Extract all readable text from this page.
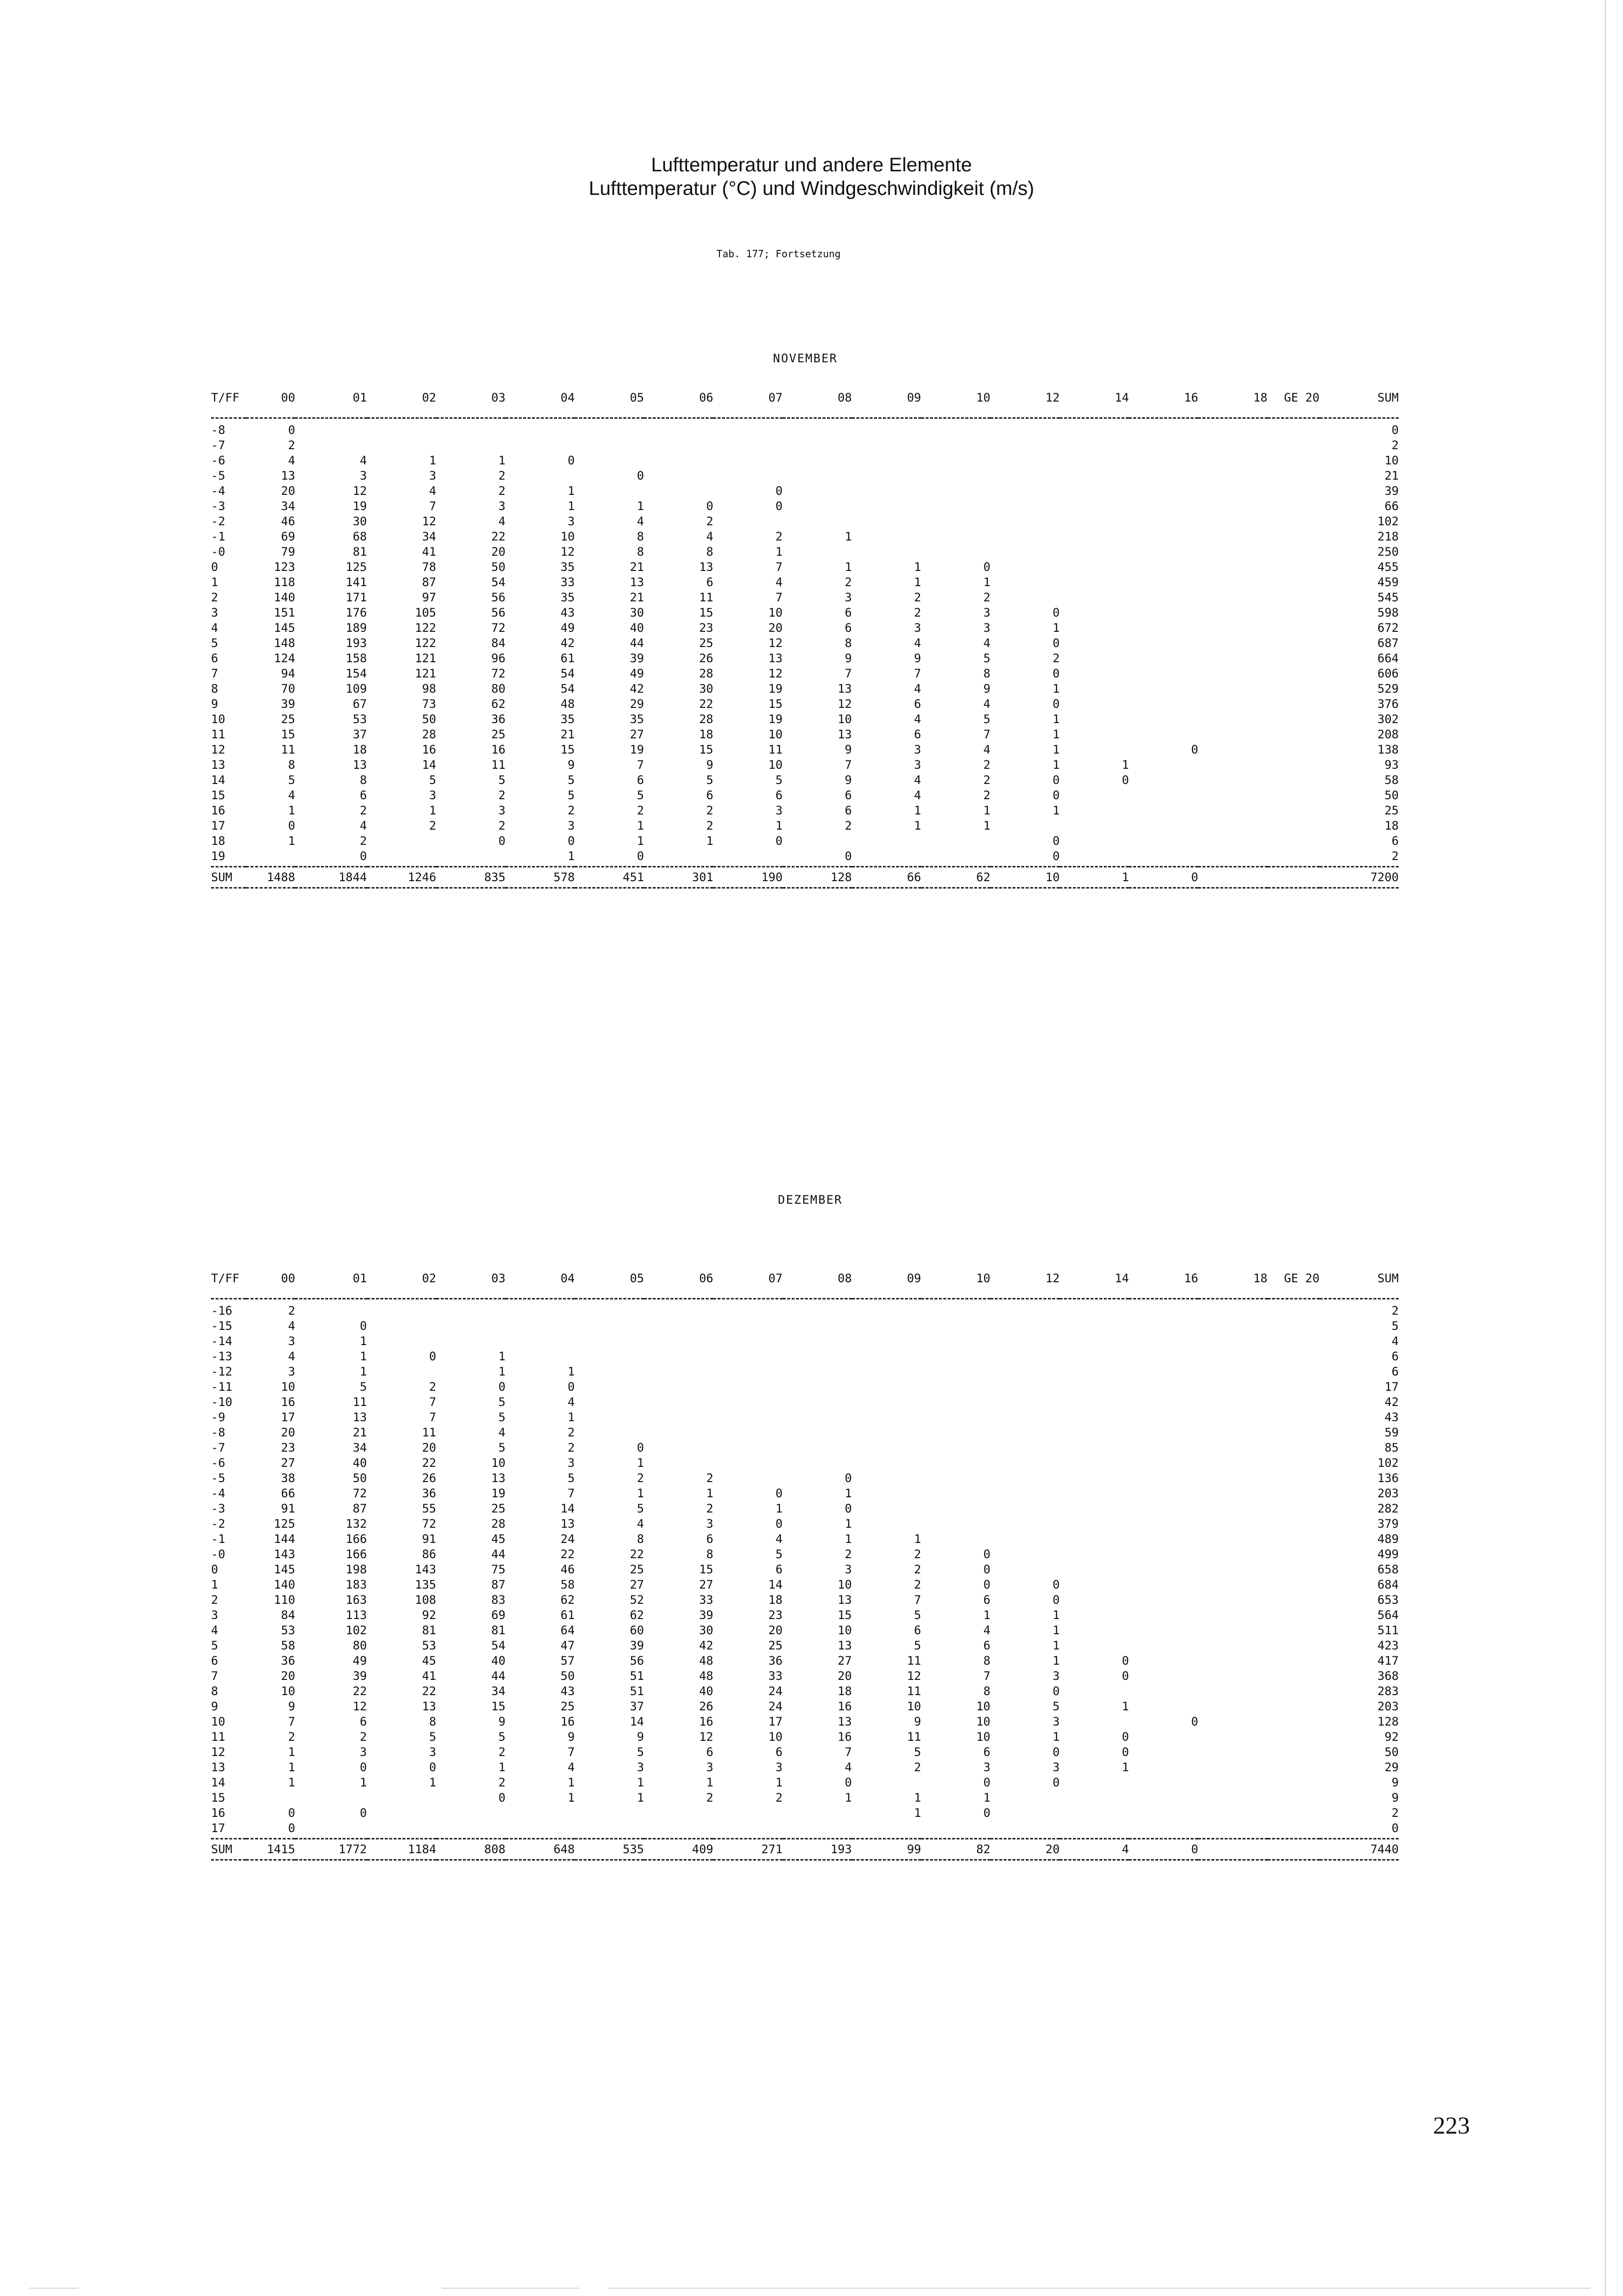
Lufttemperatur und andere Elemente
Lufttemperatur (°C) und Windgeschwindigkeit (m/s)
Tab. 177; Fortsetzung
NOVEMBER
T/FF	00	01	02	03	04	05	06	07	08	09	10	12	14	16	18	GE 20	SUM
-8	0																0
-7	2																2
-6	4	4	1	1	0												10
-5	13	3	3	2		0											21
-4	20	12	4	2	1			0									39
-3	34	19	7	3	1	1	0	0									66
-2	46	30	12	4	3	4	2										102
-1	69	68	34	22	10	8	4	2	1								218
-0	79	81	41	20	12	8	8	1									250
0	123	125	78	50	35	21	13	7	1	1	0						455
1	118	141	87	54	33	13	6	4	2	1	1						459
2	140	171	97	56	35	21	11	7	3	2	2						545
3	151	176	105	56	43	30	15	10	6	2	3	0					598
4	145	189	122	72	49	40	23	20	6	3	3	1					672
5	148	193	122	84	42	44	25	12	8	4	4	0					687
6	124	158	121	96	61	39	26	13	9	9	5	2					664
7	94	154	121	72	54	49	28	12	7	7	8	0					606
8	70	109	98	80	54	42	30	19	13	4	9	1					529
9	39	67	73	62	48	29	22	15	12	6	4	0					376
10	25	53	50	36	35	35	28	19	10	4	5	1					302
11	15	37	28	25	21	27	18	10	13	6	7	1					208
12	11	18	16	16	15	19	15	11	9	3	4	1		0			138
13	8	13	14	11	9	7	9	10	7	3	2	1	1				93
14	5	8	5	5	5	6	5	5	9	4	2	0	0				58
15	4	6	3	2	5	5	6	6	6	4	2	0					50
16	1	2	1	3	2	2	2	3	6	1	1	1					25
17	0	4	2	2	3	1	2	1	2	1	1						18
18	1	2		0	0	1	1	0				0					6
19		0			1	0			0			0					2
SUM	1488	1844	1246	835	578	451	301	190	128	66	62	10	1	0			7200
DEZEMBER
T/FF	00	01	02	03	04	05	06	07	08	09	10	12	14	16	18	GE 20	SUM
-16	2																2
-15	4	0															5
-14	3	1															4
-13	4	1	0	1													6
-12	3	1		1	1												6
-11	10	5	2	0	0												17
-10	16	11	7	5	4												42
-9	17	13	7	5	1												43
-8	20	21	11	4	2												59
-7	23	34	20	5	2	0											85
-6	27	40	22	10	3	1											102
-5	38	50	26	13	5	2	2		0								136
-4	66	72	36	19	7	1	1	0	1								203
-3	91	87	55	25	14	5	2	1	0								282
-2	125	132	72	28	13	4	3	0	1								379
-1	144	166	91	45	24	8	6	4	1	1							489
-0	143	166	86	44	22	22	8	5	2	2	0						499
0	145	198	143	75	46	25	15	6	3	2	0						658
1	140	183	135	87	58	27	27	14	10	2	0	0					684
2	110	163	108	83	62	52	33	18	13	7	6	0					653
3	84	113	92	69	61	62	39	23	15	5	1	1					564
4	53	102	81	81	64	60	30	20	10	6	4	1					511
5	58	80	53	54	47	39	42	25	13	5	6	1					423
6	36	49	45	40	57	56	48	36	27	11	8	1	0				417
7	20	39	41	44	50	51	48	33	20	12	7	3	0				368
8	10	22	22	34	43	51	40	24	18	11	8	0					283
9	9	12	13	15	25	37	26	24	16	10	10	5	1				203
10	7	6	8	9	16	14	16	17	13	9	10	3		0			128
11	2	2	5	5	9	9	12	10	16	11	10	1	0				92
12	1	3	3	2	7	5	6	6	7	5	6	0	0				50
13	1	0	0	1	4	3	3	3	4	2	3	3	1				29
14	1	1	1	2	1	1	1	1	0		0	0					9
15				0	1	1	2	2	1	1	1						9
16	0	0								1	0						2
17	0																0
SUM	1415	1772	1184	808	648	535	409	271	193	99	82	20	4	0			7440
223
